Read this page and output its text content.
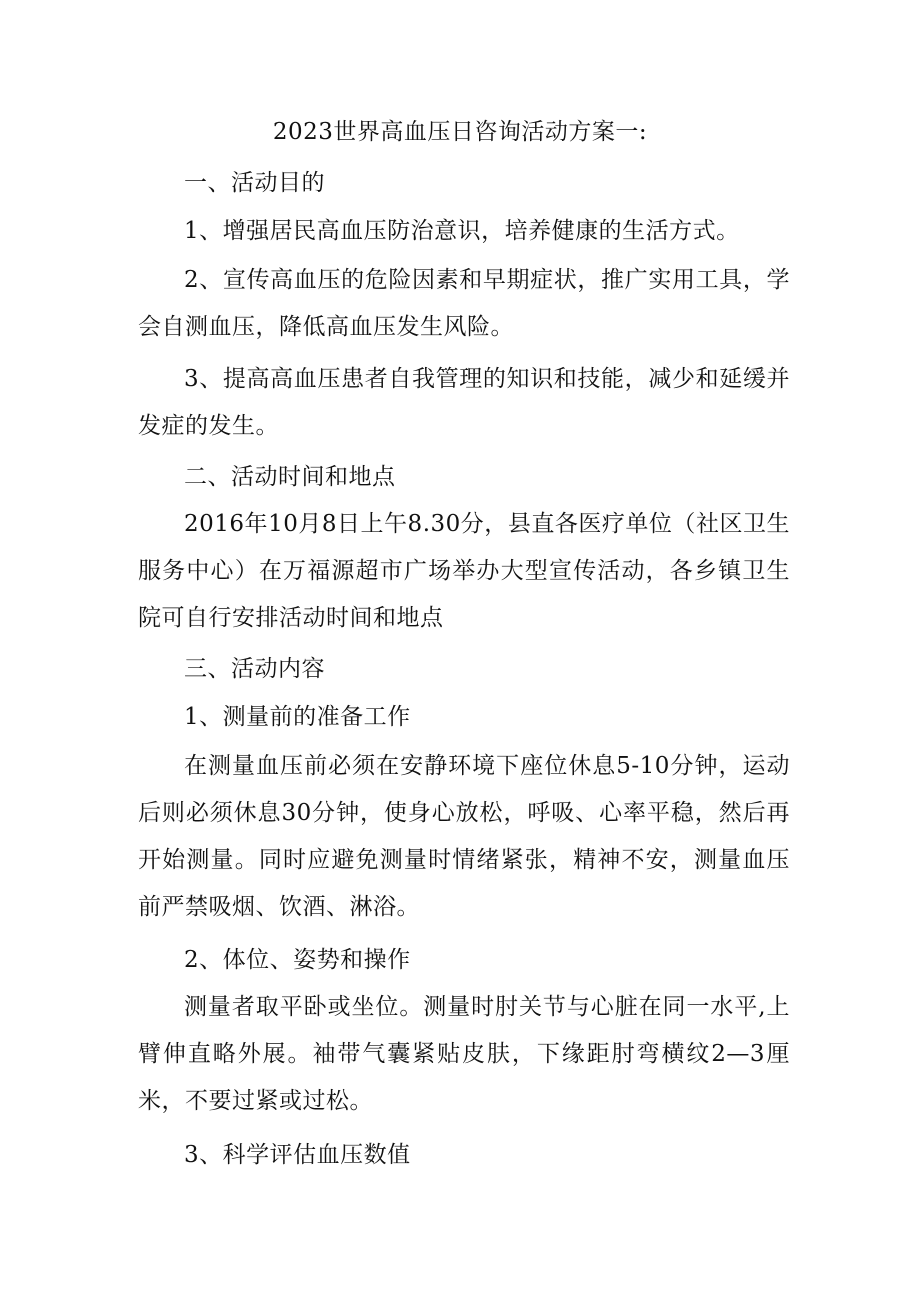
2023世界高血压日咨询活动方案一:
一、活动目的
1、增强居民高血压防治意识，培养健康的生活方式。
2、宣传高血压的危险因素和早期症状，推广实用工具，学会自测血压，降低高血压发生风险。
3、提高高血压患者自我管理的知识和技能，减少和延缓并发症的发生。
二、活动时间和地点
2016年10月8日上午8.30分，县直各医疗单位（社区卫生服务中心）在万福源超市广场举办大型宣传活动，各乡镇卫生院可自行安排活动时间和地点
三、活动内容
1、测量前的准备工作
在测量血压前必须在安静环境下座位休息5-10分钟，运动后则必须休息30分钟，使身心放松，呼吸、心率平稳，然后再开始测量。同时应避免测量时情绪紧张，精神不安，测量血压前严禁吸烟、饮酒、淋浴。
2、体位、姿势和操作
测量者取平卧或坐位。测量时肘关节与心脏在同一水平,上臂伸直略外展。袖带气囊紧贴皮肤，下缘距肘弯横纹2—3厘米，不要过紧或过松。
3、科学评估血压数值
